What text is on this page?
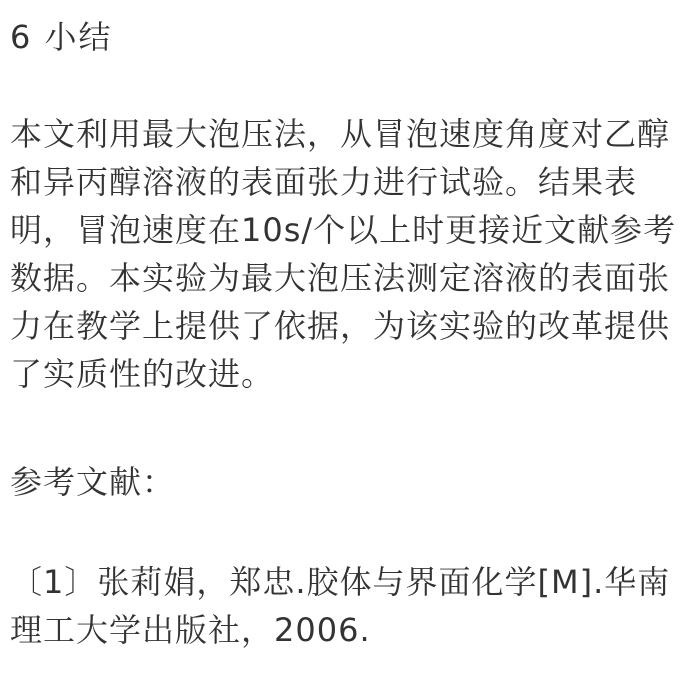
6 小结
本文利用最大泡压法，从冒泡速度角度对乙醇
和异丙醇溶液的表面张力进行试验。结果表
明，冒泡速度在10s/个以上时更接近文献参考
数据。本实验为最大泡压法测定溶液的表面张
力在教学上提供了依据，为该实验的改革提供
了实质性的改进。
参考文献：
〔1〕张莉娟，郑忠.胶体与界面化学[M].华南
理工大学出版社，2006.
